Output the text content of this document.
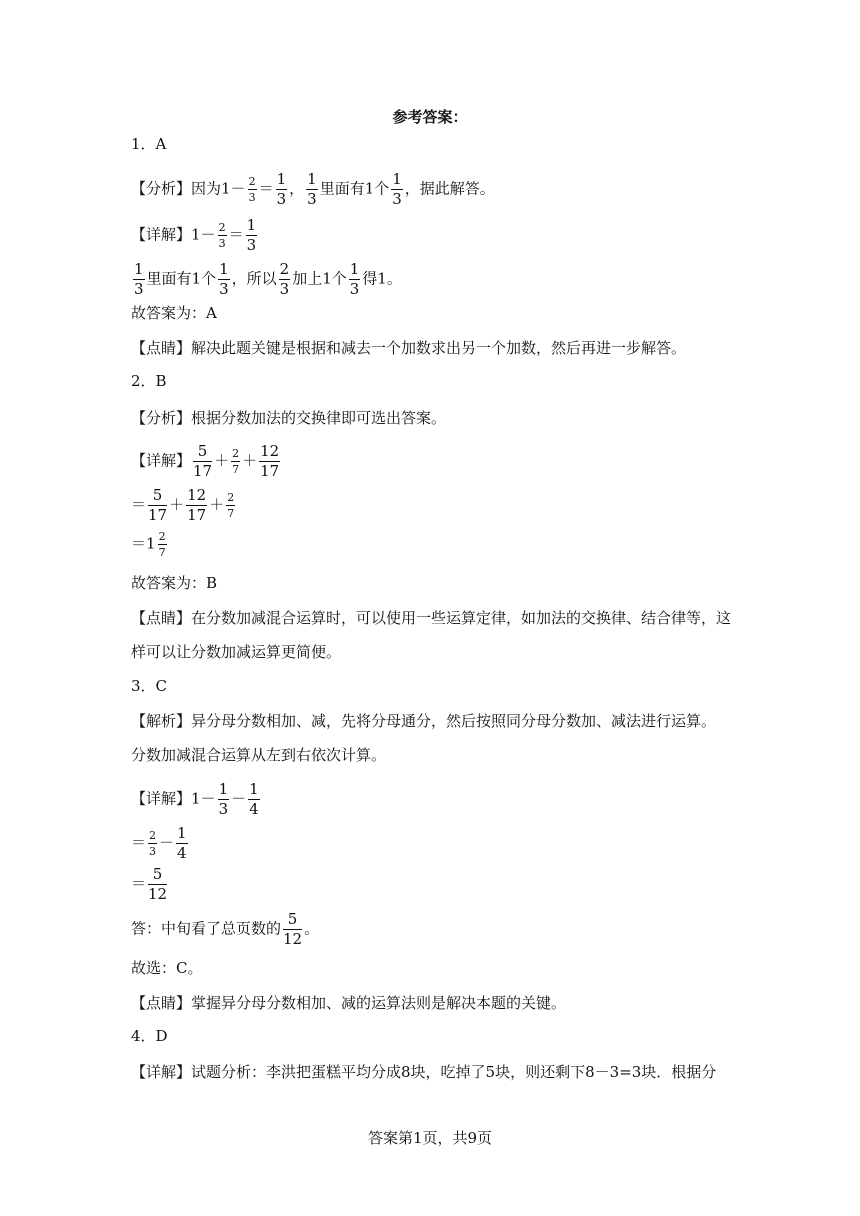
参考答案：
1．A
【分析】因为$1- \frac{2}{3} = \frac{1}{3}$ ， $\frac{1}{3}$ 里面有1个 $\frac{1}{3}$ ，据此解答。
【详解】$1- \frac{2}{3} = \frac{1}{3}$
$\frac{1}{3}$ 里面有1个 $\frac{1}{3}$ ，所以 $\frac{2}{3}$ 加上1个 $\frac{1}{3}$ 得1。
故答案为：A
【点睛】解决此题关键是根据和减去一个加数求出另一个加数，然后再进一步解答。
2．B
【分析】根据分数加法的交换律即可选出答案。
【详解】 $\frac{5}{17} + \frac{2}{7} + \frac{12}{17}$
＝ $\frac{5}{17} + \frac{12}{17} + \frac{2}{7}$
$=1 \frac{2}{7}$
故答案为：B
【点睛】在分数加减混合运算时，可以使用一些运算定律，如加法的交换律、结合律等，这
样可以让分数加减运算更简便。
3．C
【解析】异分母分数相加、减，先将分母通分，然后按照同分母分数加、减法进行运算。
分数加减混合运算从左到右依次计算。
【详解】$1- \frac{1}{3} - \frac{1}{4}$
＝ $\frac{2}{3} - \frac{1}{4}$
＝ $\frac{5}{12}$
答：中旬看了总页数的 $\frac{5}{12}$ 。
故选：C。
【点睛】掌握异分母分数相加、减的运算法则是解决本题的关键。
4．D
【详解】试题分析：李洪把蛋糕平均分成8块，吃掉了5块，则还剩下8－3=3块．根据分
答案第1页，共9页
